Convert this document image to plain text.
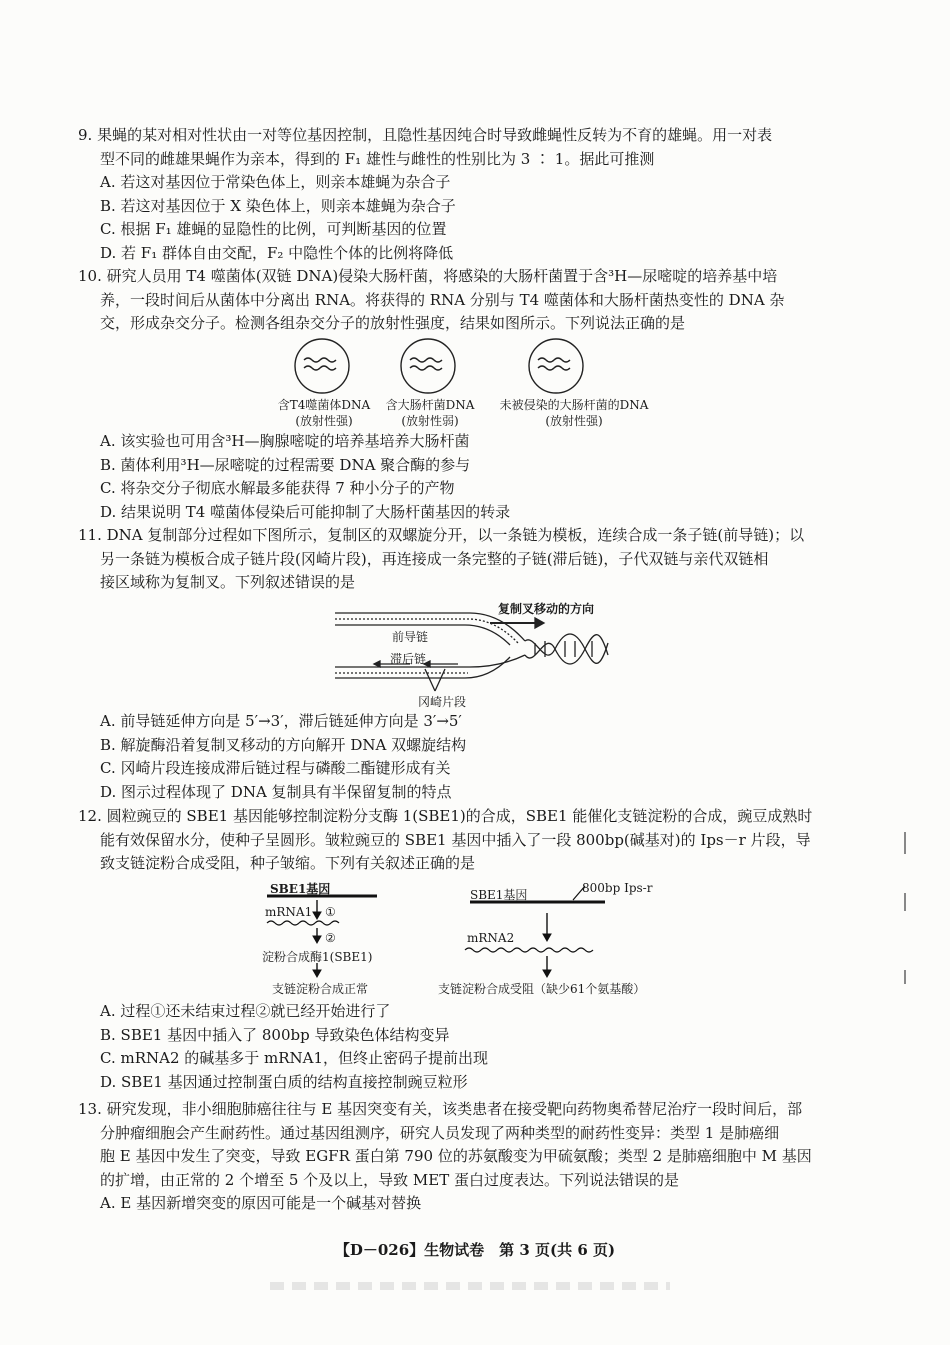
9. 果蝇的某对相对性状由一对等位基因控制，且隐性基因纯合时导致雌蝇性反转为不育的雄蝇。用一对表

型不同的雌雄果蝇作为亲本，得到的 F₁ 雄性与雌性的性别比为 3 ∶ 1。据此可推测

A. 若这对基因位于常染色体上，则亲本雄蝇为杂合子

B. 若这对基因位于 X 染色体上，则亲本雄蝇为杂合子

C. 根据 F₁ 雄蝇的显隐性的比例，可判断基因的位置

D. 若 F₁ 群体自由交配，F₂ 中隐性个体的比例将降低

10. 研究人员用 T4 噬菌体(双链 DNA)侵染大肠杆菌，将感染的大肠杆菌置于含³H—尿嘧啶的培养基中培

养，一段时间后从菌体中分离出 RNA。将获得的 RNA 分别与 T4 噬菌体和大肠杆菌热变性的 DNA 杂

交，形成杂交分子。检测各组杂交分子的放射性强度，结果如图所示。下列说法正确的是

含T4噬菌体DNA
(放射性强)
含大肠杆菌DNA
(放射性弱)
未被侵染的大肠杆菌的DNA
(放射性强)

A. 该实验也可用含³H—胸腺嘧啶的培养基培养大肠杆菌

B. 菌体利用³H—尿嘧啶的过程需要 DNA 聚合酶的参与

C. 将杂交分子彻底水解最多能获得 7 种小分子的产物

D. 结果说明 T4 噬菌体侵染后可能抑制了大肠杆菌基因的转录

11. DNA 复制部分过程如下图所示，复制区的双螺旋分开，以一条链为模板，连续合成一条子链(前导链)；以

另一条链为模板合成子链片段(冈崎片段)，再连接成一条完整的子链(滞后链)，子代双链与亲代双链相

接区域称为复制叉。下列叙述错误的是

复制叉移动的方向
前导链
滞后链
冈崎片段

A. 前导链延伸方向是 5′→3′，滞后链延伸方向是 3′→5′

B. 解旋酶沿着复制叉移动的方向解开 DNA 双螺旋结构

C. 冈崎片段连接成滞后链过程与磷酸二酯键形成有关

D. 图示过程体现了 DNA 复制具有半保留复制的特点

12. 圆粒豌豆的 SBE1 基因能够控制淀粉分支酶 1(SBE1)的合成，SBE1 能催化支链淀粉的合成，豌豆成熟时

能有效保留水分，使种子呈圆形。皱粒豌豆的 SBE1 基因中插入了一段 800bp(碱基对)的 Ips－r 片段，导

致支链淀粉合成受阻，种子皱缩。下列有关叙述正确的是

SBE1基因
mRNA1 ①
②
淀粉合成酶1(SBE1)
支链淀粉合成正常
SBE1基因	800bp Ips-r
mRNA2
支链淀粉合成受阻（缺少61个氨基酸）

A. 过程①还未结束过程②就已经开始进行了

B. SBE1 基因中插入了 800bp 导致染色体结构变异

C. mRNA2 的碱基多于 mRNA1，但终止密码子提前出现

D. SBE1 基因通过控制蛋白质的结构直接控制豌豆粒形

13. 研究发现，非小细胞肺癌往往与 E 基因突变有关，该类患者在接受靶向药物奥希替尼治疗一段时间后，部

分肿瘤细胞会产生耐药性。通过基因组测序，研究人员发现了两种类型的耐药性变异：类型 1 是肺癌细

胞 E 基因中发生了突变，导致 EGFR 蛋白第 790 位的苏氨酸变为甲硫氨酸；类型 2 是肺癌细胞中 M 基因

的扩增，由正常的 2 个增至 5 个及以上，导致 MET 蛋白过度表达。下列说法错误的是

A. E 基因新增突变的原因可能是一个碱基对替换

【D－026】生物试卷　第 3 页(共 6 页)
